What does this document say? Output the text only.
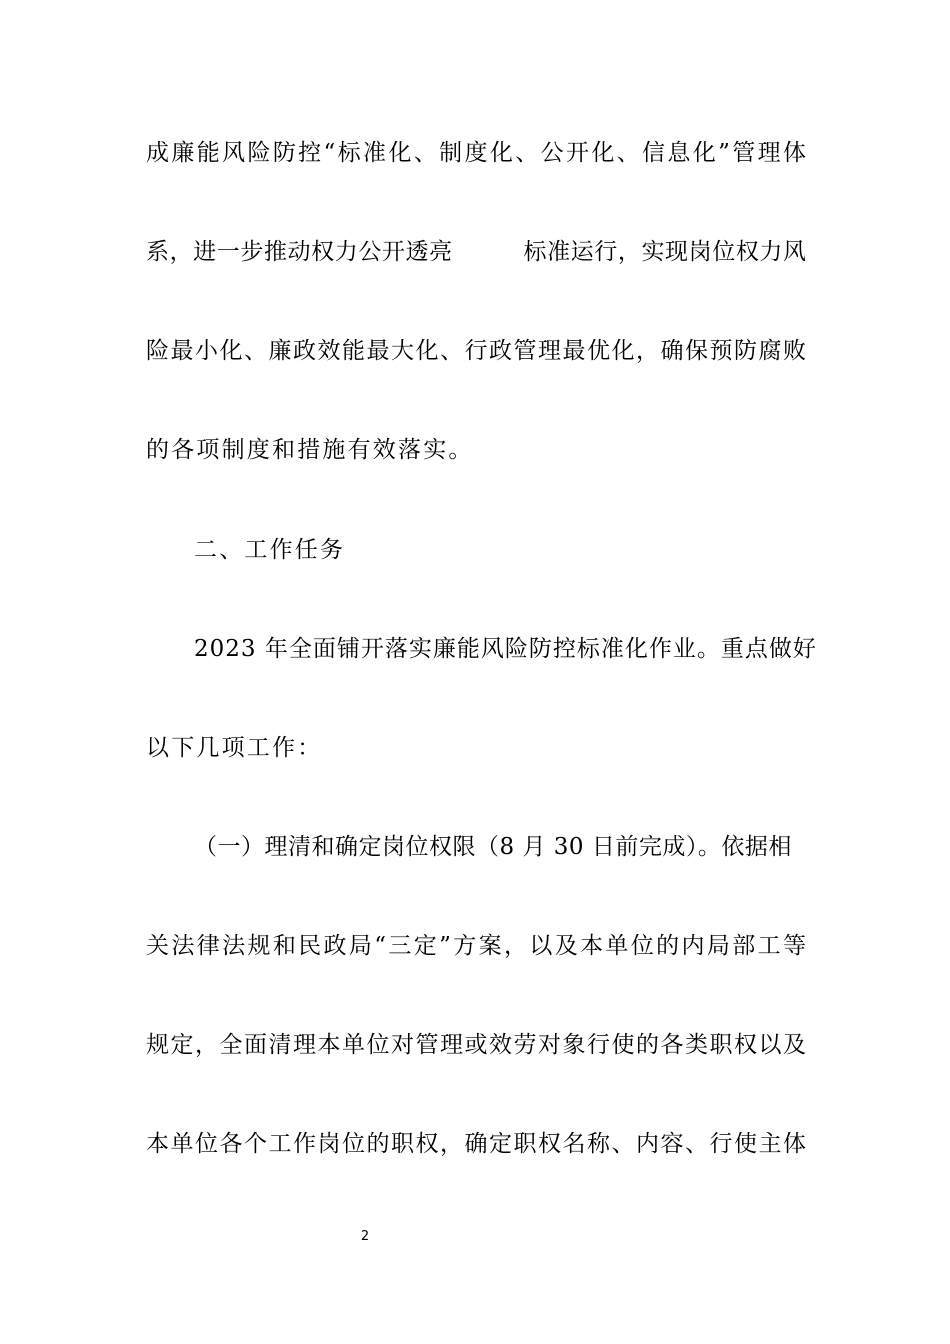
成廉能风险防控“标准化、制度化、公开化、信息化”管理体
系，进一步推动权力公开透亮　　　标准运行，实现岗位权力风
险最小化、廉政效能最大化、行政管理最优化，确保预防腐败
的各项制度和措施有效落实。
二、工作任务
2023 年全面铺开落实廉能风险防控标准化作业。重点做好
以下几项工作：
（一）理清和确定岗位权限（8 月 30 日前完成）。依据相
关法律法规和民政局“三定”方案，以及本单位的内局部工等
规定，全面清理本单位对管理或效劳对象行使的各类职权以及
本单位各个工作岗位的职权，确定职权名称、内容、行使主体
2
